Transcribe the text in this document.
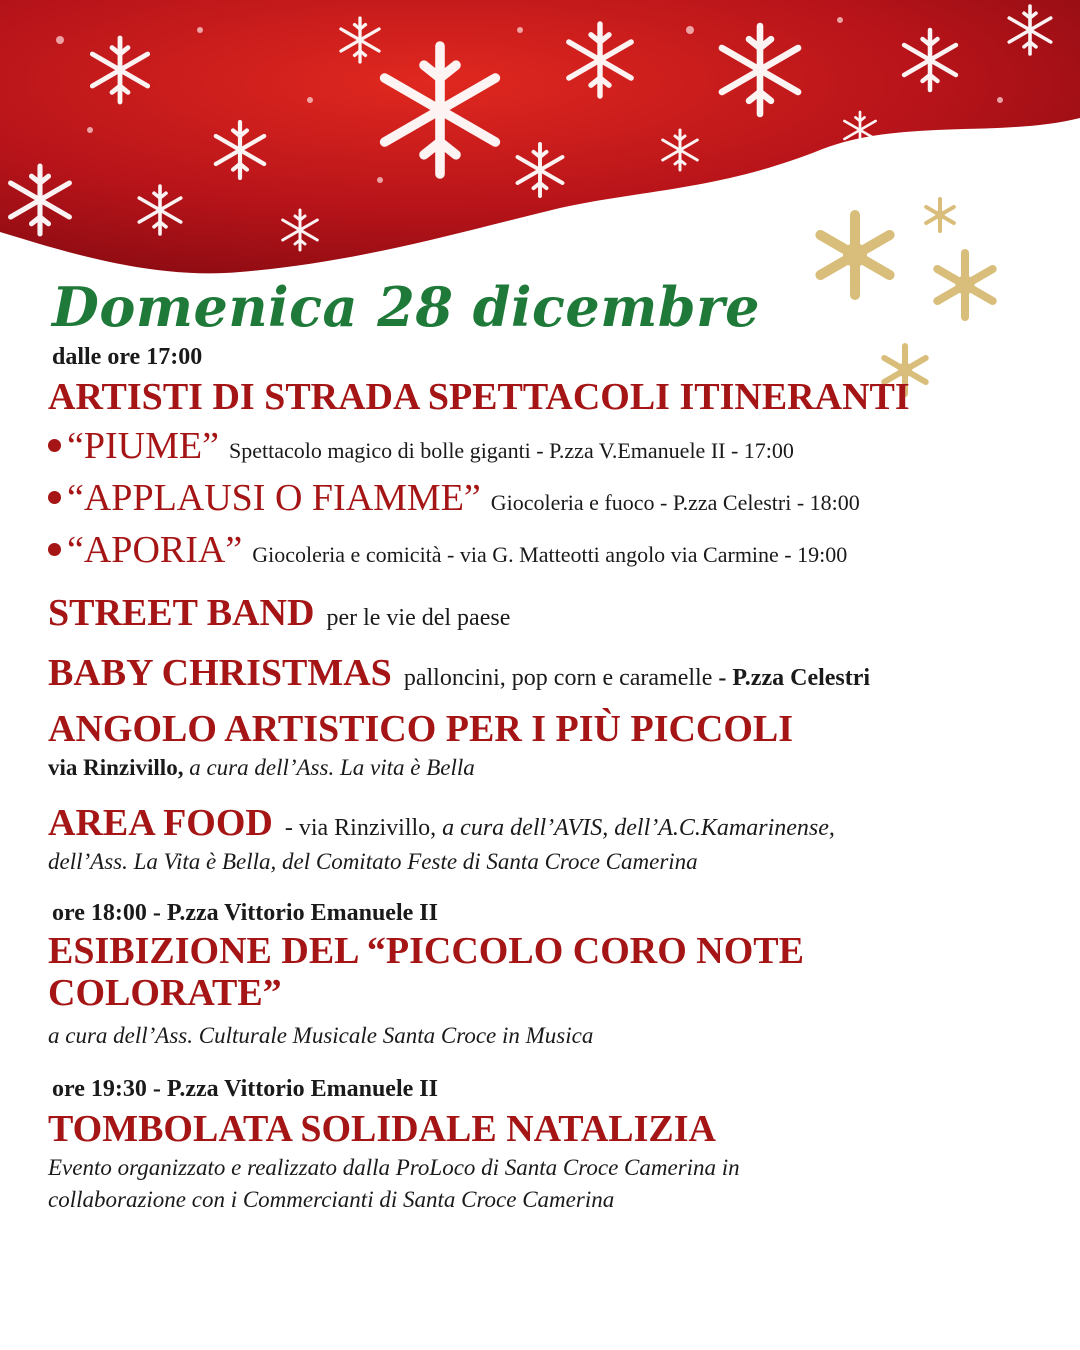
Domenica 28 dicembre
dalle ore 17:00
ARTISTI DI STRADA SPETTACOLI ITINERANTI
“PIUME” Spettacolo magico di bolle giganti - P.zza V.Emanuele II - 17:00
“APPLAUSI O FIAMME” Giocoleria e fuoco - P.zza Celestri - 18:00
“APORIA” Giocoleria e comicità - via G. Matteotti angolo via Carmine - 19:00
STREET BAND per le vie del paese
BABY CHRISTMAS palloncini, pop corn e caramelle - P.zza Celestri
ANGOLO ARTISTICO PER I PIÙ PICCOLI
via Rinzivillo, a cura dell’Ass. La vita è Bella
AREA FOOD - via Rinzivillo, a cura dell’AVIS, dell’A.C.Kamarinense,
dell’Ass. La Vita è Bella, del Comitato Feste di Santa Croce Camerina
ore 18:00 - P.zza Vittorio Emanuele II
ESIBIZIONE DEL “PICCOLO CORO NOTE
COLORATE”
a cura dell’Ass. Culturale Musicale Santa Croce in Musica
ore 19:30 - P.zza Vittorio Emanuele II
TOMBOLATA SOLIDALE NATALIZIA
Evento organizzato e realizzato dalla ProLoco di Santa Croce Camerina in
collaborazione con i Commercianti di Santa Croce Camerina
